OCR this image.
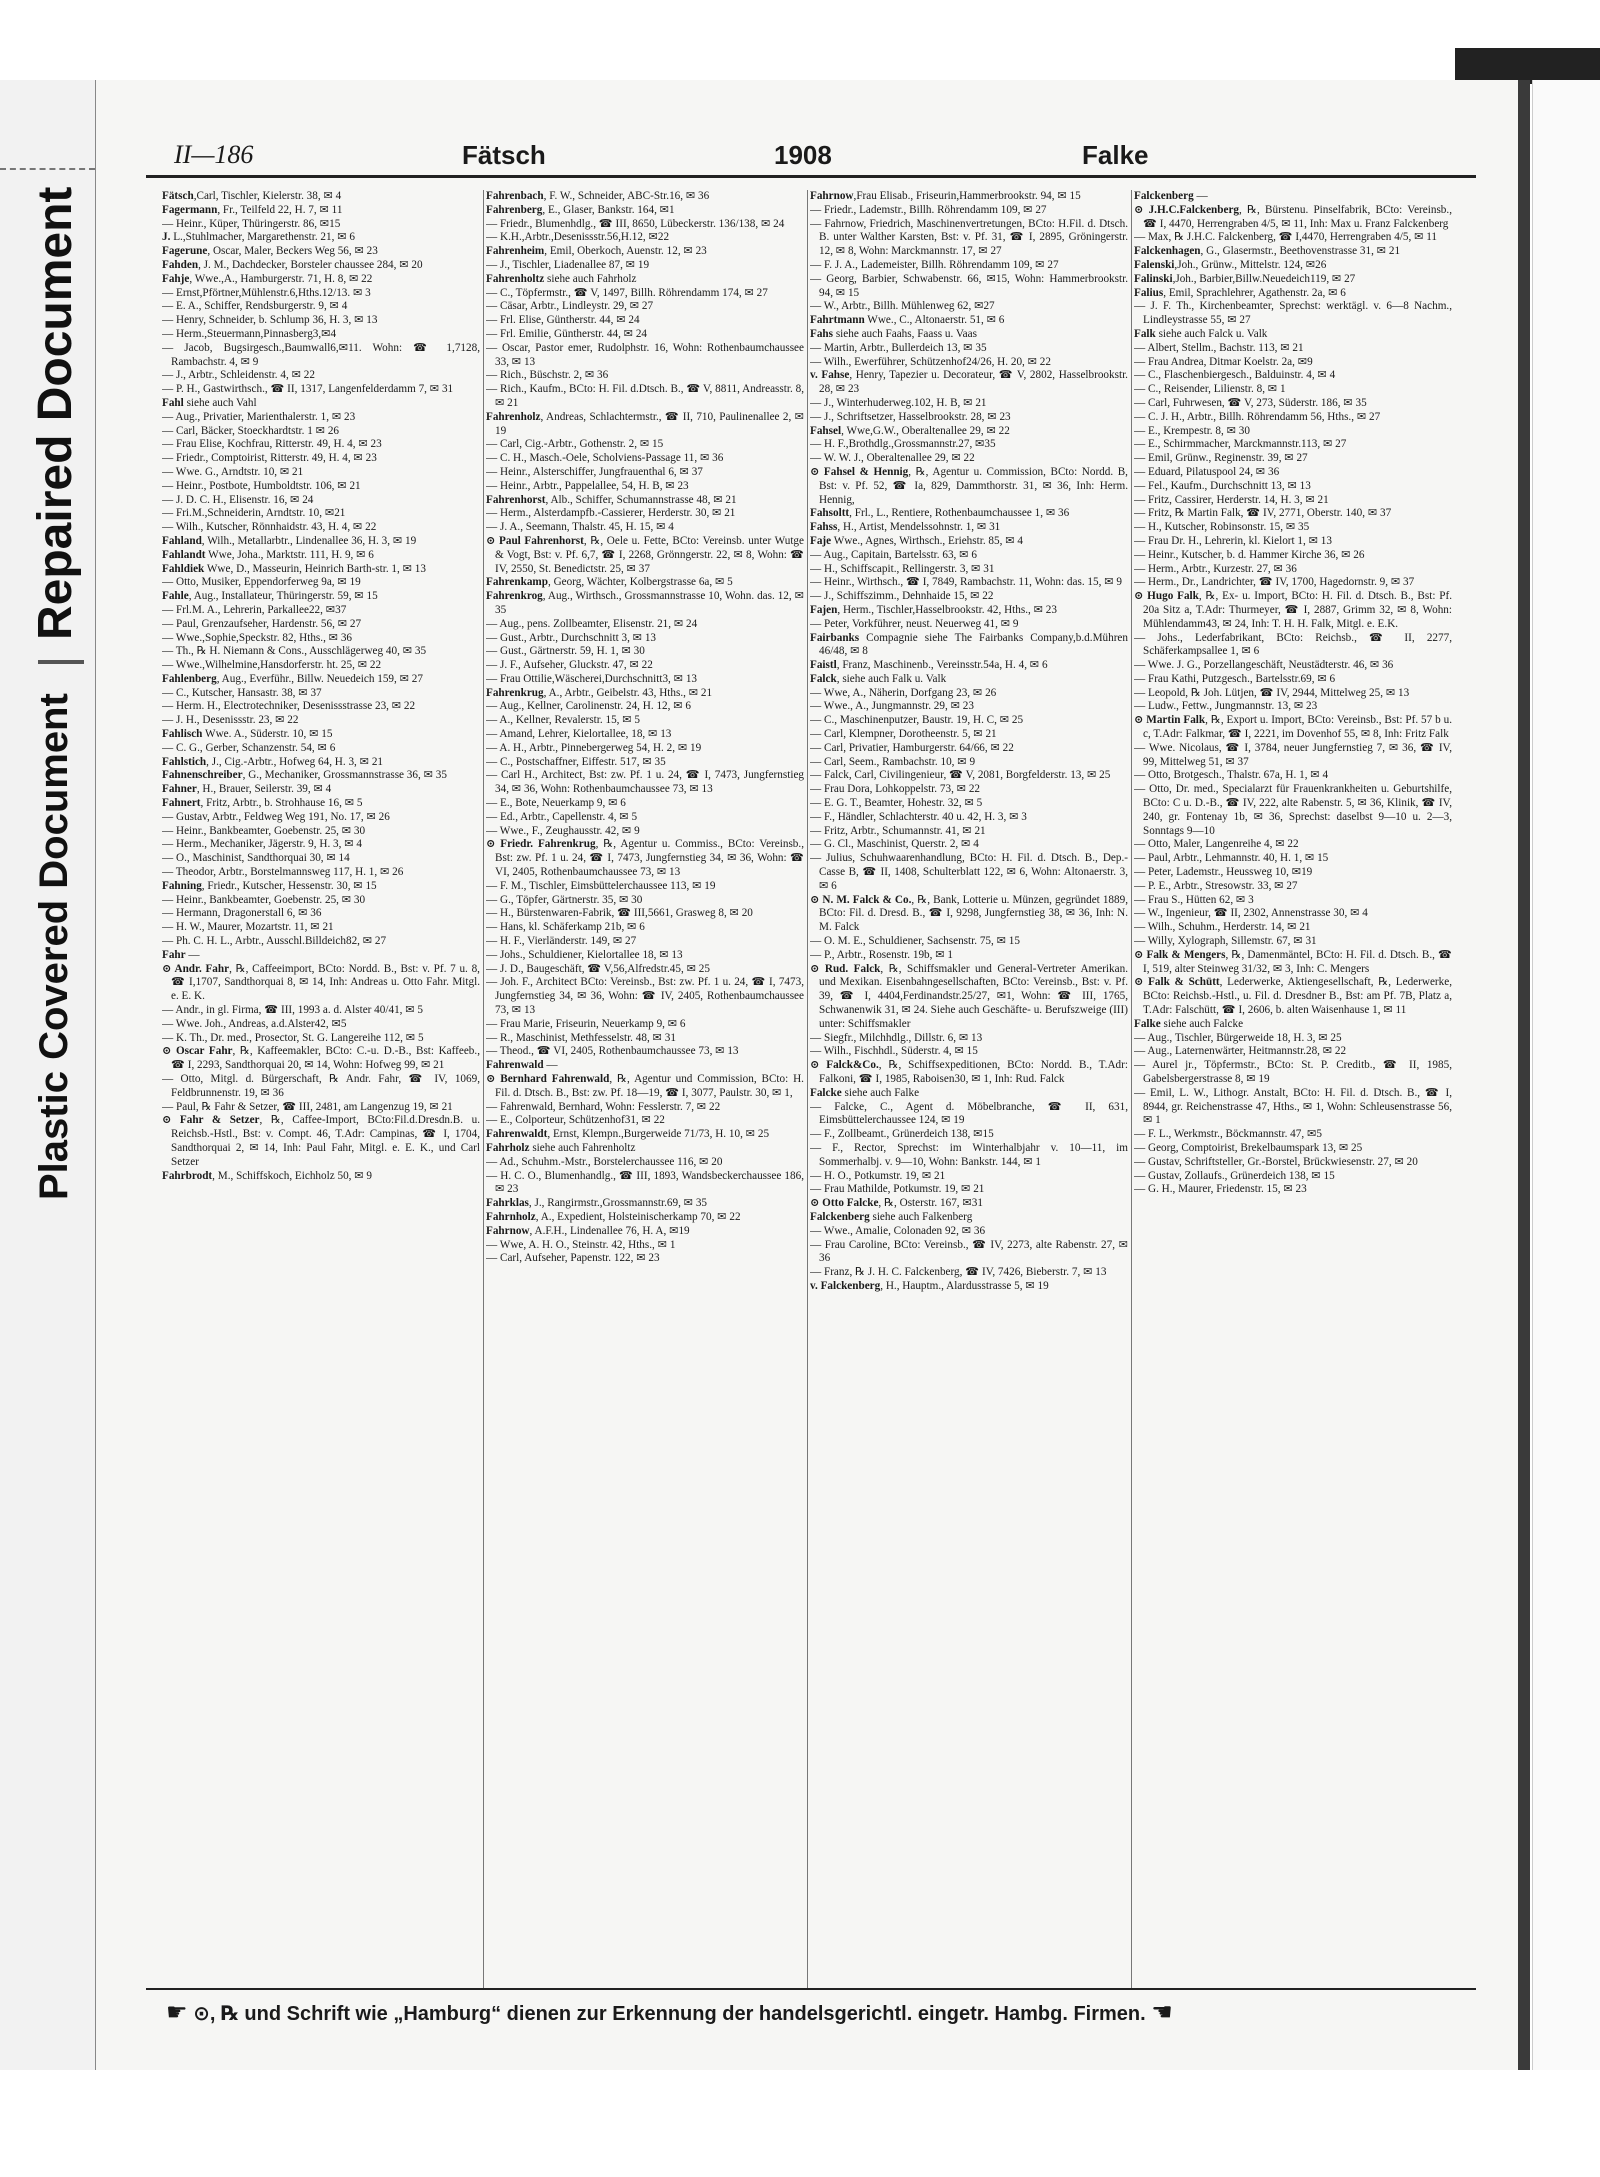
Repaired Document
Plastic Covered Document
II—186	Fätsch	1908	Falke

Fätsch,Carl, Tischler, Kielerstr. 38, ✉ 4

Fagermann, Fr., Teilfeld 22, H. 7, ✉ 11

— Heinr., Küper, Thüringerstr. 86, ✉15

J. L.,Stuhlmacher, Margarethenstr. 21, ✉ 6

Fagerune, Oscar, Maler, Beckers Weg 56, ✉ 23

Fahden, J. M., Dachdecker, Borsteler chaussee 284, ✉ 20

Fahje, Wwe.,A., Hamburgerstr. 71, H. 8, ✉ 22

— Ernst,Pförtner,Mühlenstr.6,Hths.12/13. ✉ 3

— E. A., Schiffer, Rendsburgerstr. 9, ✉ 4

— Henry, Schneider, b. Schlump 36, H. 3, ✉ 13

— Herm.,Steuermann,Pinnasberg3,✉4

— Jacob, Bugsirgesch.,Baumwall6,✉11. Wohn: ☎ 1,7128, Rambachstr. 4, ✉ 9

— J., Arbtr., Schleidenstr. 4, ✉ 22

— P. H., Gastwirthsch., ☎ II, 1317, Langenfelderdamm 7, ✉ 31

Fahl siehe auch Vahl

— Aug., Privatier, Marienthalerstr. 1, ✉ 23

— Carl, Bäcker, Stoeckhardtstr. 1 ✉ 26

— Frau Elise, Kochfrau, Ritterstr. 49, H. 4, ✉ 23

— Friedr., Comptoirist, Ritterstr. 49, H. 4, ✉ 23

— Wwe. G., Arndtstr. 10, ✉ 21

— Heinr., Postbote, Humboldtstr. 106, ✉ 21

— J. D. C. H., Elisenstr. 16, ✉ 24

— Fri.M.,Schneiderin, Arndtstr. 10, ✉21

— Wilh., Kutscher, Rönnhaidstr. 43, H. 4, ✉ 22

Fahland, Wilh., Metallarbtr., Lindenallee 36, H. 3, ✉ 19

Fahlandt Wwe, Joha., Marktstr. 111, H. 9, ✉ 6

Fahldiek Wwe, D., Masseurin, Heinrich Barth-str. 1, ✉ 13

— Otto, Musiker, Eppendorferweg 9a, ✉ 19

Fahle, Aug., Installateur, Thüringerstr. 59, ✉ 15

— Frl.M. A., Lehrerin, Parkallee22, ✉37

— Paul, Grenzaufseher, Hardenstr. 56, ✉ 27

— Wwe.,Sophie,Speckstr. 82, Hths., ✉ 36

— Th., ℞ H. Niemann & Cons., Ausschlägerweg 40, ✉ 35

— Wwe.,Wilhelmine,Hansdorferstr. ht. 25, ✉ 22

Fahlenberg, Aug., Everführ., Billw. Neuedeich 159, ✉ 27

— C., Kutscher, Hansastr. 38, ✉ 37

— Herm. H., Electrotechniker, Desenissstrasse 23, ✉ 22

— J. H., Desenissstr. 23, ✉ 22

Fahlisch Wwe. A., Süderstr. 10, ✉ 15

— C. G., Gerber, Schanzenstr. 54, ✉ 6

Fahlstich, J., Cig.-Arbtr., Hofweg 64, H. 3, ✉ 21

Fahnenschreiber, G., Mechaniker, Grossmannstrasse 36, ✉ 35

Fahner, H., Brauer, Seilerstr. 39, ✉ 4

Fahnert, Fritz, Arbtr., b. Strohhause 16, ✉ 5

— Gustav, Arbtr., Feldweg Weg 191, No. 17, ✉ 26

— Heinr., Bankbeamter, Goebenstr. 25, ✉ 30

— Herm., Mechaniker, Jägerstr. 9, H. 3, ✉ 4

— O., Maschinist, Sandthorquai 30, ✉ 14

— Theodor, Arbtr., Borstelmannsweg 117, H. 1, ✉ 26

Fahning, Friedr., Kutscher, Hessenstr. 30, ✉ 15

— Heinr., Bankbeamter, Goebenstr. 25, ✉ 30

— Hermann, Dragonerstall 6, ✉ 36

— H. W., Maurer, Mozartstr. 11, ✉ 21

— Ph. C. H. L., Arbtr., Ausschl.Billdeich82, ✉ 27

Fahr —

⊙ Andr. Fahr, ℞, Caffeeimport, BCto: Nordd. B., Bst: v. Pf. 7 u. 8, ☎ I,1707, Sandthorquai 8, ✉ 14, Inh: Andreas u. Otto Fahr. Mitgl. e. E. K.

— Andr., in gl. Firma, ☎ III, 1993 a. d. Alster 40/41, ✉ 5

— Wwe. Joh., Andreas, a.d.Alster42, ✉5

— K. Th., Dr. med., Prosector, St. G. Langereihe 112, ✉ 5

⊙ Oscar Fahr, ℞, Kaffeemakler, BCto: C.-u. D.-B., Bst: Kaffeeb., ☎ I, 2293, Sandthorquai 20, ✉ 14, Wohn: Hofweg 99, ✉ 21

— Otto, Mitgl. d. Bürgerschaft, ℞ Andr. Fahr, ☎ IV, 1069, Feldbrunnenstr. 19, ✉ 36

— Paul, ℞ Fahr & Setzer, ☎ III, 2481, am Langenzug 19, ✉ 21

⊙ Fahr & Setzer, ℞, Caffee-Import, BCto:Fil.d.Dresdn.B. u. Reichsb.-Hstl., Bst: v. Compt. 46, T.Adr: Campinas, ☎ I, 1704, Sandthorquai 2, ✉ 14, Inh: Paul Fahr, Mitgl. e. E. K., und Carl Setzer

Fahrbrodt, M., Schiffskoch, Eichholz 50, ✉ 9

Fahrenbach, F. W., Schneider, ABC-Str.16, ✉ 36

Fahrenberg, E., Glaser, Bankstr. 164, ✉1

— Friedr., Blumenhdlg., ☎ III, 8650, Lübeckerstr. 136/138, ✉ 24

— K.H.,Arbtr.,Desenissstr.56,H.12, ✉22

Fahrenheim, Emil, Oberkoch, Auenstr. 12, ✉ 23

— J., Tischler, Liadenallee 87, ✉ 19

Fahrenholtz siehe auch Fahrholz

— C., Töpfermstr., ☎ V, 1497, Billh. Röhrendamm 174, ✉ 27

— Cäsar, Arbtr., Lindleystr. 29, ✉ 27

— Frl. Elise, Güntherstr. 44, ✉ 24

— Frl. Emilie, Güntherstr. 44, ✉ 24

— Oscar, Pastor emer, Rudolphstr. 16, Wohn: Rothenbaumchaussee 33, ✉ 13

— Rich., Büschstr. 2, ✉ 36

— Rich., Kaufm., BCto: H. Fil. d.Dtsch. B., ☎ V, 8811, Andreasstr. 8, ✉ 21

Fahrenholz, Andreas, Schlachtermstr., ☎ II, 710, Paulinenallee 2, ✉ 19

— Carl, Cig.-Arbtr., Gothenstr. 2, ✉ 15

— C. H., Masch.-Oele, Scholviens-Passage 11, ✉ 36

— Heinr., Alsterschiffer, Jungfrauenthal 6, ✉ 37

— Heinr., Arbtr., Pappelallee, 54, H. B, ✉ 23

Fahrenhorst, Alb., Schiffer, Schumannstrasse 48, ✉ 21

— Herm., Alsterdampfb.-Cassierer, Herderstr. 30, ✉ 21

— J. A., Seemann, Thalstr. 45, H. 15, ✉ 4

⊙ Paul Fahrenhorst, ℞, Oele u. Fette, BCto: Vereinsb. unter Wutge & Vogt, Bst: v. Pf. 6,7, ☎ I, 2268, Grönngerstr. 22, ✉ 8, Wohn: ☎ IV, 2550, St. Benedictstr. 25, ✉ 37

Fahrenkamp, Georg, Wächter, Kolbergstrasse 6a, ✉ 5

Fahrenkrog, Aug., Wirthsch., Grossmannstrasse 10, Wohn. das. 12, ✉ 35

— Aug., pens. Zollbeamter, Elisenstr. 21, ✉ 24

— Gust., Arbtr., Durchschnitt 3, ✉ 13

— Gust., Gärtnerstr. 59, H. 1, ✉ 30

— J. F., Aufseher, Gluckstr. 47, ✉ 22

— Frau Ottilie,Wäscherei,Durchschnitt3, ✉ 13

Fahrenkrug, A., Arbtr., Geibelstr. 43, Hths., ✉ 21

— Aug., Kellner, Carolinenstr. 24, H. 12, ✉ 6

— A., Kellner, Revalerstr. 15, ✉ 5

— Amand, Lehrer, Kielortallee, 18, ✉ 13

— A. H., Arbtr., Pinnebergerweg 54, H. 2, ✉ 19

— C., Postschaffner, Eiffestr. 517, ✉ 35

— Carl H., Architect, Bst: zw. Pf. 1 u. 24, ☎ I, 7473, Jungfernstieg 34, ✉ 36, Wohn: Rothenbaumchaussee 73, ✉ 13

— E., Bote, Neuerkamp 9, ✉ 6

— Ed., Arbtr., Capellenstr. 4, ✉ 5

— Wwe., F., Zeughausstr. 42, ✉ 9

⊙ Friedr. Fahrenkrug, ℞, Agentur u. Commiss., BCto: Vereinsb., Bst: zw. Pf. 1 u. 24, ☎ I, 7473, Jungfernstieg 34, ✉ 36, Wohn: ☎ VI, 2405, Rothenbaumchaussee 73, ✉ 13

— F. M., Tischler, Eimsbüttelerchaussee 113, ✉ 19

— G., Töpfer, Gärtnerstr. 35, ✉ 30

— H., Bürstenwaren-Fabrik, ☎ III,5661, Grasweg 8, ✉ 20

— Hans, kl. Schäferkamp 21b, ✉ 6

— H. F., Vierländerstr. 149, ✉ 27

— Johs., Schuldiener, Kielortallee 18, ✉ 13

— J. D., Baugeschäft, ☎ V,56,Alfredstr.45, ✉ 25

— Joh. F., Architect BCto: Vereinsb., Bst: zw. Pf. 1 u. 24, ☎ I, 7473, Jungfernstieg 34, ✉ 36, Wohn: ☎ IV, 2405, Rothenbaumchaussee 73, ✉ 13

— Frau Marie, Friseurin, Neuerkamp 9, ✉ 6

— R., Maschinist, Methfesselstr. 48, ✉ 31

— Theod., ☎ VI, 2405, Rothenbaumchaussee 73, ✉ 13

Fahrenwald —

⊙ Bernhard Fahrenwald, ℞, Agentur und Commission, BCto: H. Fil. d. Dtsch. B., Bst: zw. Pf. 18—19, ☎ I, 3077, Paulstr. 30, ✉ 1,

— Fahrenwald, Bernhard, Wohn: Fesslerstr. 7, ✉ 22

— E., Colporteur, Schützenhof31, ✉ 22

Fahrenwaldt, Ernst, Klempn.,Burgerweide 71/73, H. 10, ✉ 25

Fahrholz siehe auch Fahrenholtz

— Ad., Schuhm.-Mstr., Borstelerchaussee 116, ✉ 20

— H. C. O., Blumenhandlg., ☎ III, 1893, Wandsbeckerchaussee 186, ✉ 23

Fahrklas, J., Rangirmstr.,Grossmannstr.69, ✉ 35

Fahrnholz, A., Expedient, Holsteinischerkamp 70, ✉ 22

Fahrnow, A.F.H., Lindenallee 76, H. A, ✉19

— Wwe, A. H. O., Steinstr. 42, Hths., ✉ 1

— Carl, Aufseher, Papenstr. 122, ✉ 23

Fahrnow,Frau Elisab., Friseurin,Hammerbrookstr. 94, ✉ 15

— Friedr., Lademstr., Billh. Röhrendamm 109, ✉ 27

— Fahrnow, Friedrich, Maschinenvertretungen, BCto: H.Fil. d. Dtsch. B. unter Walther Karsten, Bst: v. Pf. 31, ☎ I, 2895, Gröningerstr. 12, ✉ 8, Wohn: Marckmannstr. 17, ✉ 27

— F. J. A., Lademeister, Billh. Röhrendamm 109, ✉ 27

— Georg, Barbier, Schwabenstr. 66, ✉15, Wohn: Hammerbrookstr. 94, ✉ 15

— W., Arbtr., Billh. Mühlenweg 62, ✉27

Fahrtmann Wwe., C., Altonaerstr. 51, ✉ 6

Fahs siehe auch Faahs, Faass u. Vaas

— Martin, Arbtr., Bullerdeich 13, ✉ 35

— Wilh., Ewerführer, Schützenhof24/26, H. 20, ✉ 22

v. Fahse, Henry, Tapezier u. Decorateur, ☎ V, 2802, Hasselbrookstr. 28, ✉ 23

— J., Winterhuderweg.102, H. B, ✉ 21

— J., Schriftsetzer, Hasselbrookstr. 28, ✉ 23

Fahsel, Wwe,G.W., Oberaltenallee 29, ✉ 22

— H. F.,Brothdlg.,Grossmannstr.27, ✉35

— W. W. J., Oberaltenallee 29, ✉ 22

⊙ Fahsel & Hennig, ℞, Agentur u. Commission, BCto: Nordd. B, Bst: v. Pf. 52, ☎ Ia, 829, Dammthorstr. 31, ✉ 36, Inh: Herm. Hennig,

Fahsoltt, Frl., L., Rentiere, Rothenbaumchaussee 1, ✉ 36

Fahss, H., Artist, Mendelssohnstr. 1, ✉ 31

Faje Wwe., Agnes, Wirthsch., Eriehstr. 85, ✉ 4

— Aug., Capitain, Bartelsstr. 63, ✉ 6

— H., Schiffscapit., Rellingerstr. 3, ✉ 31

— Heinr., Wirthsch., ☎ I, 7849, Rambachstr. 11, Wohn: das. 15, ✉ 9

— J., Schiffszimm., Dehnhaide 15, ✉ 22

Fajen, Herm., Tischler,Hasselbrookstr. 42, Hths., ✉ 23

— Peter, Vorkführer, neust. Neuerweg 41, ✉ 9

Fairbanks Compagnie siehe The Fairbanks Company,b.d.Mühren 46/48, ✉ 8

Faistl, Franz, Maschinenb., Vereinsstr.54a, H. 4, ✉ 6

Falck, siehe auch Falk u. Valk

— Wwe, A., Näherin, Dorfgang 23, ✉ 26

— Wwe., A., Jungmannstr. 29, ✉ 23

— C., Maschinenputzer, Baustr. 19, H. C, ✉ 25

— Carl, Klempner, Dorotheenstr. 5, ✉ 21

— Carl, Privatier, Hamburgerstr. 64/66, ✉ 22

— Carl, Seem., Rambachstr. 10, ✉ 9

— Falck, Carl, Civilingenieur, ☎ V, 2081, Borgfelderstr. 13, ✉ 25

— Frau Dora, Lohkoppelstr. 73, ✉ 22

— E. G. T., Beamter, Hohestr. 32, ✉ 5

— F., Händler, Schlachterstr. 40 u. 42, H. 3, ✉ 3

— Fritz, Arbtr., Schumannstr. 41, ✉ 21

— G. Cl., Maschinist, Querstr. 2, ✉ 4

— Julius, Schuhwaarenhandlung, BCto: H. Fil. d. Dtsch. B., Dep.-Casse B, ☎ II, 1408, Schulterblatt 122, ✉ 6, Wohn: Altonaerstr. 3, ✉ 6

⊙ N. M. Falck & Co., ℞, Bank, Lotterie u. Münzen, gegründet 1889, BCto: Fil. d. Dresd. B., ☎ I, 9298, Jungfernstieg 38, ✉ 36, Inh: N. M. Falck

— O. M. E., Schuldiener, Sachsenstr. 75, ✉ 15

— P., Arbtr., Rosenstr. 19b, ✉ 1

⊙ Rud. Falck, ℞, Schiffsmakler und General-Vertreter Amerikan. und Mexikan. Eisenbahngesellschaften, BCto: Vereinsb., Bst: v. Pf. 39, ☎ I, 4404,Ferdinandstr.25/27, ✉1, Wohn: ☎ III, 1765, Schwanenwik 31, ✉ 24. Siehe auch Geschäfte- u. Berufszweige (III) unter: Schiffsmakler

— Siegfr., Milchhdlg., Dillstr. 6, ✉ 13

— Wilh., Fischhdl., Süderstr. 4, ✉ 15

⊙ Falck&Co., ℞, Schiffsexpeditionen, BCto: Nordd. B., T.Adr: Falkoni, ☎ I, 1985, Raboisen30, ✉ 1, Inh: Rud. Falck

Falcke siehe auch Falke

— Falcke, C., Agent d. Möbelbranche, ☎ II, 631, Eimsbüttelerchaussee 124, ✉ 19

— F., Zollbeamt., Grünerdeich 138, ✉15

— F., Rector, Sprechst: im Winterhalbjahr v. 10—11, im Sommerhalbj. v. 9—10, Wohn: Bankstr. 144, ✉ 1

— H. O., Potkumstr. 19, ✉ 21

— Frau Mathilde, Potkumstr. 19, ✉ 21

⊙ Otto Falcke, ℞, Osterstr. 167, ✉31

Falckenberg siehe auch Falkenberg

— Wwe., Amalie, Colonaden 92, ✉ 36

— Frau Caroline, BCto: Vereinsb., ☎ IV, 2273, alte Rabenstr. 27, ✉ 36

— Franz, ℞ J. H. C. Falckenberg, ☎ IV, 7426, Bieberstr. 7, ✉ 13

v. Falckenberg, H., Hauptm., Alardusstrasse 5, ✉ 19

Falckenberg —

⊙ J.H.C.Falckenberg, ℞, Bürstenu. Pinselfabrik, BCto: Vereinsb., ☎ I, 4470, Herrengraben 4/5, ✉ 11, Inh: Max u. Franz Falckenberg

— Max, ℞ J.H.C. Falckenberg, ☎ I,4470, Herrengraben 4/5, ✉ 11

Falckenhagen, G., Glasermstr., Beethovenstrasse 31, ✉ 21

Falenski,Joh., Grünw., Mittelstr. 124, ✉26

Falinski,Joh., Barbier,Billw.Neuedeich119, ✉ 27

Falius, Emil, Sprachlehrer, Agathenstr. 2a, ✉ 6

— J. F. Th., Kirchenbeamter, Sprechst: werktägl. v. 6—8 Nachm., Lindleystrasse 55, ✉ 27

Falk siehe auch Falck u. Valk

— Albert, Stellm., Bachstr. 113, ✉ 21

— Frau Andrea, Ditmar Koelstr. 2a, ✉9

— C., Flaschenbiergesch., Balduinstr. 4, ✉ 4

— C., Reisender, Lilienstr. 8, ✉ 1

— Carl, Fuhrwesen, ☎ V, 273, Süderstr. 186, ✉ 35

— C. J. H., Arbtr., Billh. Röhrendamm 56, Hths., ✉ 27

— E., Krempestr. 8, ✉ 30

— E., Schirmmacher, Marckmannstr.113, ✉ 27

— Emil, Grünw., Reginenstr. 39, ✉ 27

— Eduard, Pilatuspool 24, ✉ 36

— Fel., Kaufm., Durchschnitt 13, ✉ 13

— Fritz, Cassirer, Herderstr. 14, H. 3, ✉ 21

— Fritz, ℞ Martin Falk, ☎ IV, 2771, Oberstr. 140, ✉ 37

— H., Kutscher, Robinsonstr. 15, ✉ 35

— Frau Dr. H., Lehrerin, kl. Kielort 1, ✉ 13

— Heinr., Kutscher, b. d. Hammer Kirche 36, ✉ 26

— Herm., Arbtr., Kurzestr. 27, ✉ 36

— Herm., Dr., Landrichter, ☎ IV, 1700, Hagedornstr. 9, ✉ 37

⊙ Hugo Falk, ℞, Ex- u. Import, BCto: H. Fil. d. Dtsch. B., Bst: Pf. 20a Sitz a, T.Adr: Thurmeyer, ☎ I, 2887, Grimm 32, ✉ 8, Wohn: Mühlendamm43, ✉ 24, Inh: T. H. H. Falk, Mitgl. e. E.K.

— Johs., Lederfabrikant, BCto: Reichsb., ☎ II, 2277, Schäferkampsallee 1, ✉ 6

— Wwe. J. G., Porzellangeschäft, Neustädterstr. 46, ✉ 36

— Frau Kathi, Putzgesch., Bartelsstr.69, ✉ 6

— Leopold, ℞ Joh. Lütjen, ☎ IV, 2944, Mittelweg 25, ✉ 13

— Ludw., Fettw., Jungmannstr. 13, ✉ 23

⊙ Martin Falk, ℞, Export u. Import, BCto: Vereinsb., Bst: Pf. 57 b u. c, T.Adr: Falkmar, ☎ I, 2221, im Dovenhof 55, ✉ 8, Inh: Fritz Falk

— Wwe. Nicolaus, ☎ I, 3784, neuer Jungfernstieg 7, ✉ 36, ☎ IV, 99, Mittelweg 51, ✉ 37

— Otto, Brotgesch., Thalstr. 67a, H. 1, ✉ 4

— Otto, Dr. med., Specialarzt für Frauenkrankheiten u. Geburtshilfe, BCto: C u. D.-B., ☎ IV, 222, alte Rabenstr. 5, ✉ 36, Klinik, ☎ IV, 240, gr. Fontenay 1b, ✉ 36, Sprechst: daselbst 9—10 u. 2—3, Sonntags 9—10

— Otto, Maler, Langenreihe 4, ✉ 22

— Paul, Arbtr., Lehmannstr. 40, H. 1, ✉ 15

— Peter, Lademstr., Heussweg 10, ✉19

— P. E., Arbtr., Stresowstr. 33, ✉ 27

— Frau S., Hütten 62, ✉ 3

— W., Ingenieur, ☎ II, 2302, Annenstrasse 30, ✉ 4

— Wilh., Schuhm., Herderstr. 14, ✉ 21

— Willy, Xylograph, Sillemstr. 67, ✉ 31

⊙ Falk & Mengers, ℞, Damenmäntel, BCto: H. Fil. d. Dtsch. B., ☎ I, 519, alter Steinweg 31/32, ✉ 3, Inh: C. Mengers

⊙ Falk & Schütt, Lederwerke, Aktiengesellschaft, ℞, Lederwerke, BCto: Reichsb.-Hstl., u. Fil. d. Dresdner B., Bst: am Pf. 7B, Platz a, T.Adr: Falschütt, ☎ I, 2606, b. alten Waisenhause 1, ✉ 11

Falke siehe auch Falcke

— Aug., Tischler, Bürgerweide 18, H. 3, ✉ 25

— Aug., Laternenwärter, Heitmannstr.28, ✉ 22

— Aurel jr., Töpfermstr., BCto: St. P. Creditb., ☎ II, 1985, Gabelsbergerstrasse 8, ✉ 19

— Emil, L. W., Lithogr. Anstalt, BCto: H. Fil. d. Dtsch. B., ☎ I, 8944, gr. Reichenstrasse 47, Hths., ✉ 1, Wohn: Schleusenstrasse 56, ✉ 1

— F. L., Werkmstr., Böckmannstr. 47, ✉5

— Georg, Comptoirist, Brekelbaumspark 13, ✉ 25

— Gustav, Schriftsteller, Gr.-Borstel, Brückwiesenstr. 27, ✉ 20

— Gustav, Zollaufs., Grünerdeich 138, ✉ 15

— G. H., Maurer, Friedenstr. 15, ✉ 23

☛ ⊙, ℞ und Schrift wie „Hamburg“ dienen zur Erkennung der handelsgerichtl. eingetr. Hambg. Firmen. ☚
